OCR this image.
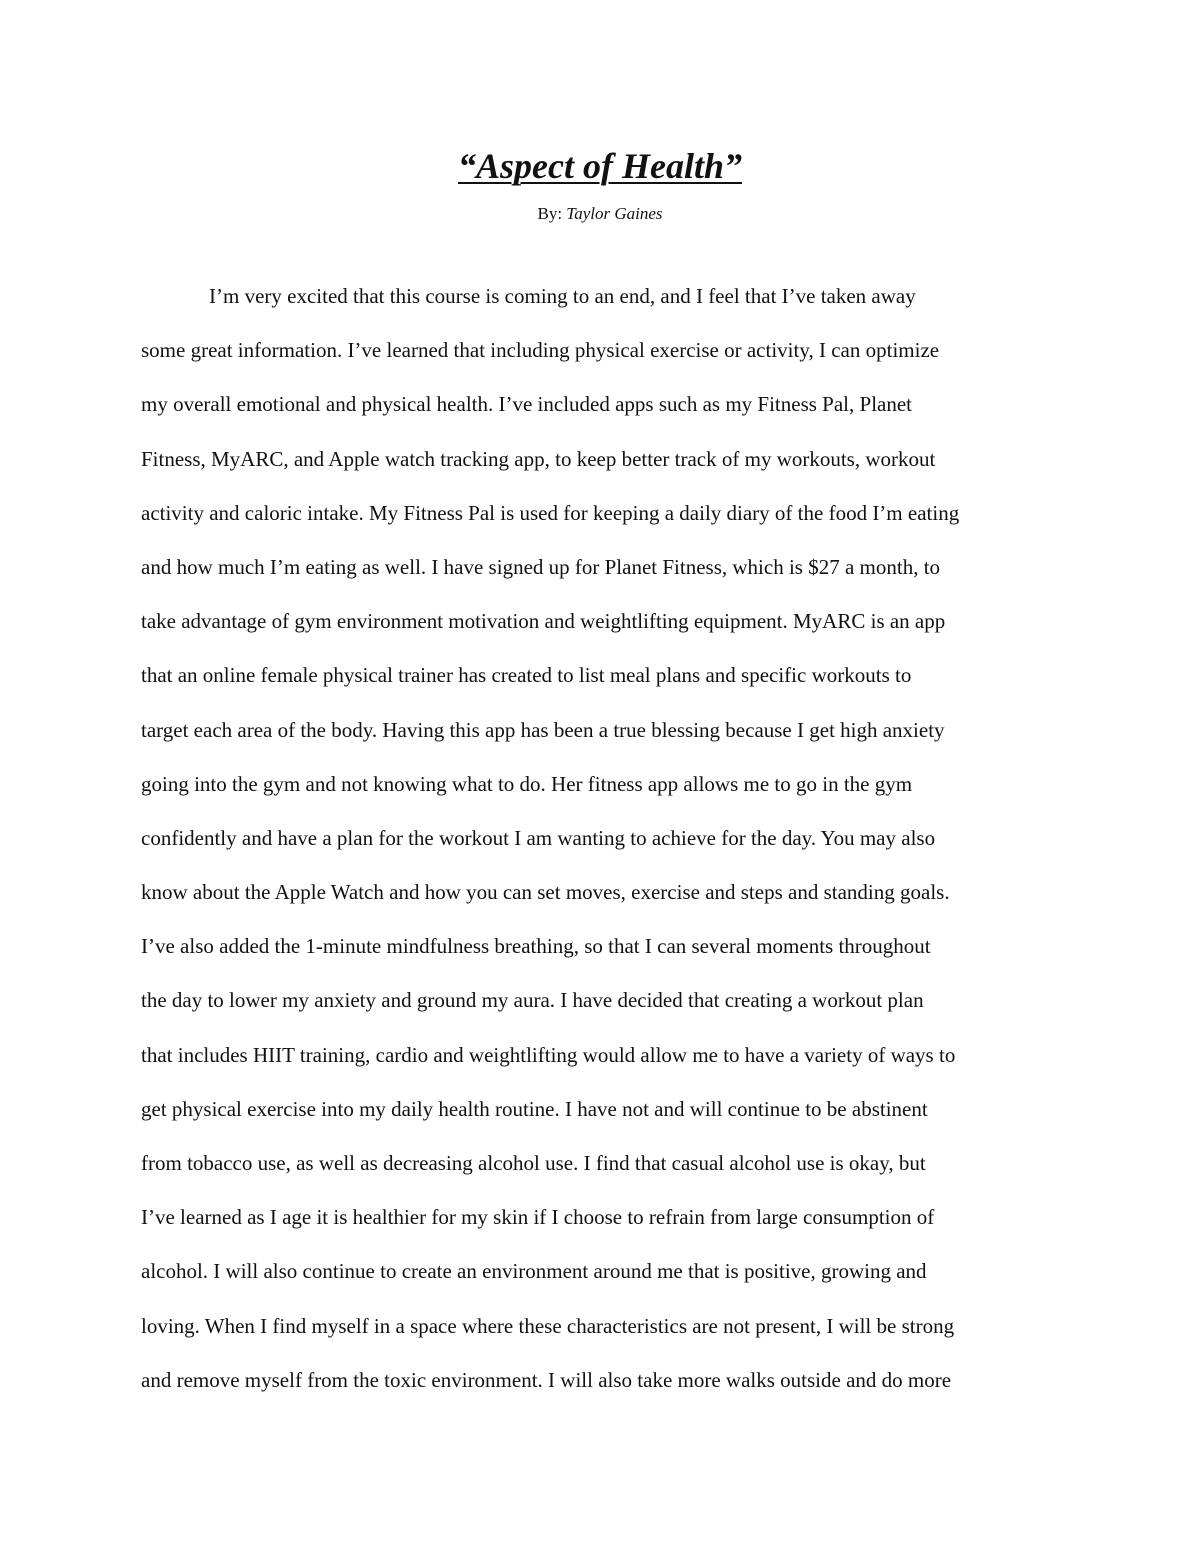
“Aspect of Health”
By: Taylor Gaines
I’m very excited that this course is coming to an end, and I feel that I’ve taken away
some great information. I’ve learned that including physical exercise or activity, I can optimize
my overall emotional and physical health. I’ve included apps such as my Fitness Pal, Planet
Fitness, MyARC, and Apple watch tracking app, to keep better track of my workouts, workout
activity and caloric intake. My Fitness Pal is used for keeping a daily diary of the food I’m eating
and how much I’m eating as well. I have signed up for Planet Fitness, which is $27 a month, to
take advantage of gym environment motivation and weightlifting equipment. MyARC is an app
that an online female physical trainer has created to list meal plans and specific workouts to
target each area of the body. Having this app has been a true blessing because I get high anxiety
going into the gym and not knowing what to do. Her fitness app allows me to go in the gym
confidently and have a plan for the workout I am wanting to achieve for the day. You may also
know about the Apple Watch and how you can set moves, exercise and steps and standing goals.
I’ve also added the 1-minute mindfulness breathing, so that I can several moments throughout
the day to lower my anxiety and ground my aura. I have decided that creating a workout plan
that includes HIIT training, cardio and weightlifting would allow me to have a variety of ways to
get physical exercise into my daily health routine. I have not and will continue to be abstinent
from tobacco use, as well as decreasing alcohol use. I find that casual alcohol use is okay, but
I’ve learned as I age it is healthier for my skin if I choose to refrain from large consumption of
alcohol. I will also continue to create an environment around me that is positive, growing and
loving. When I find myself in a space where these characteristics are not present, I will be strong
and remove myself from the toxic environment. I will also take more walks outside and do more
